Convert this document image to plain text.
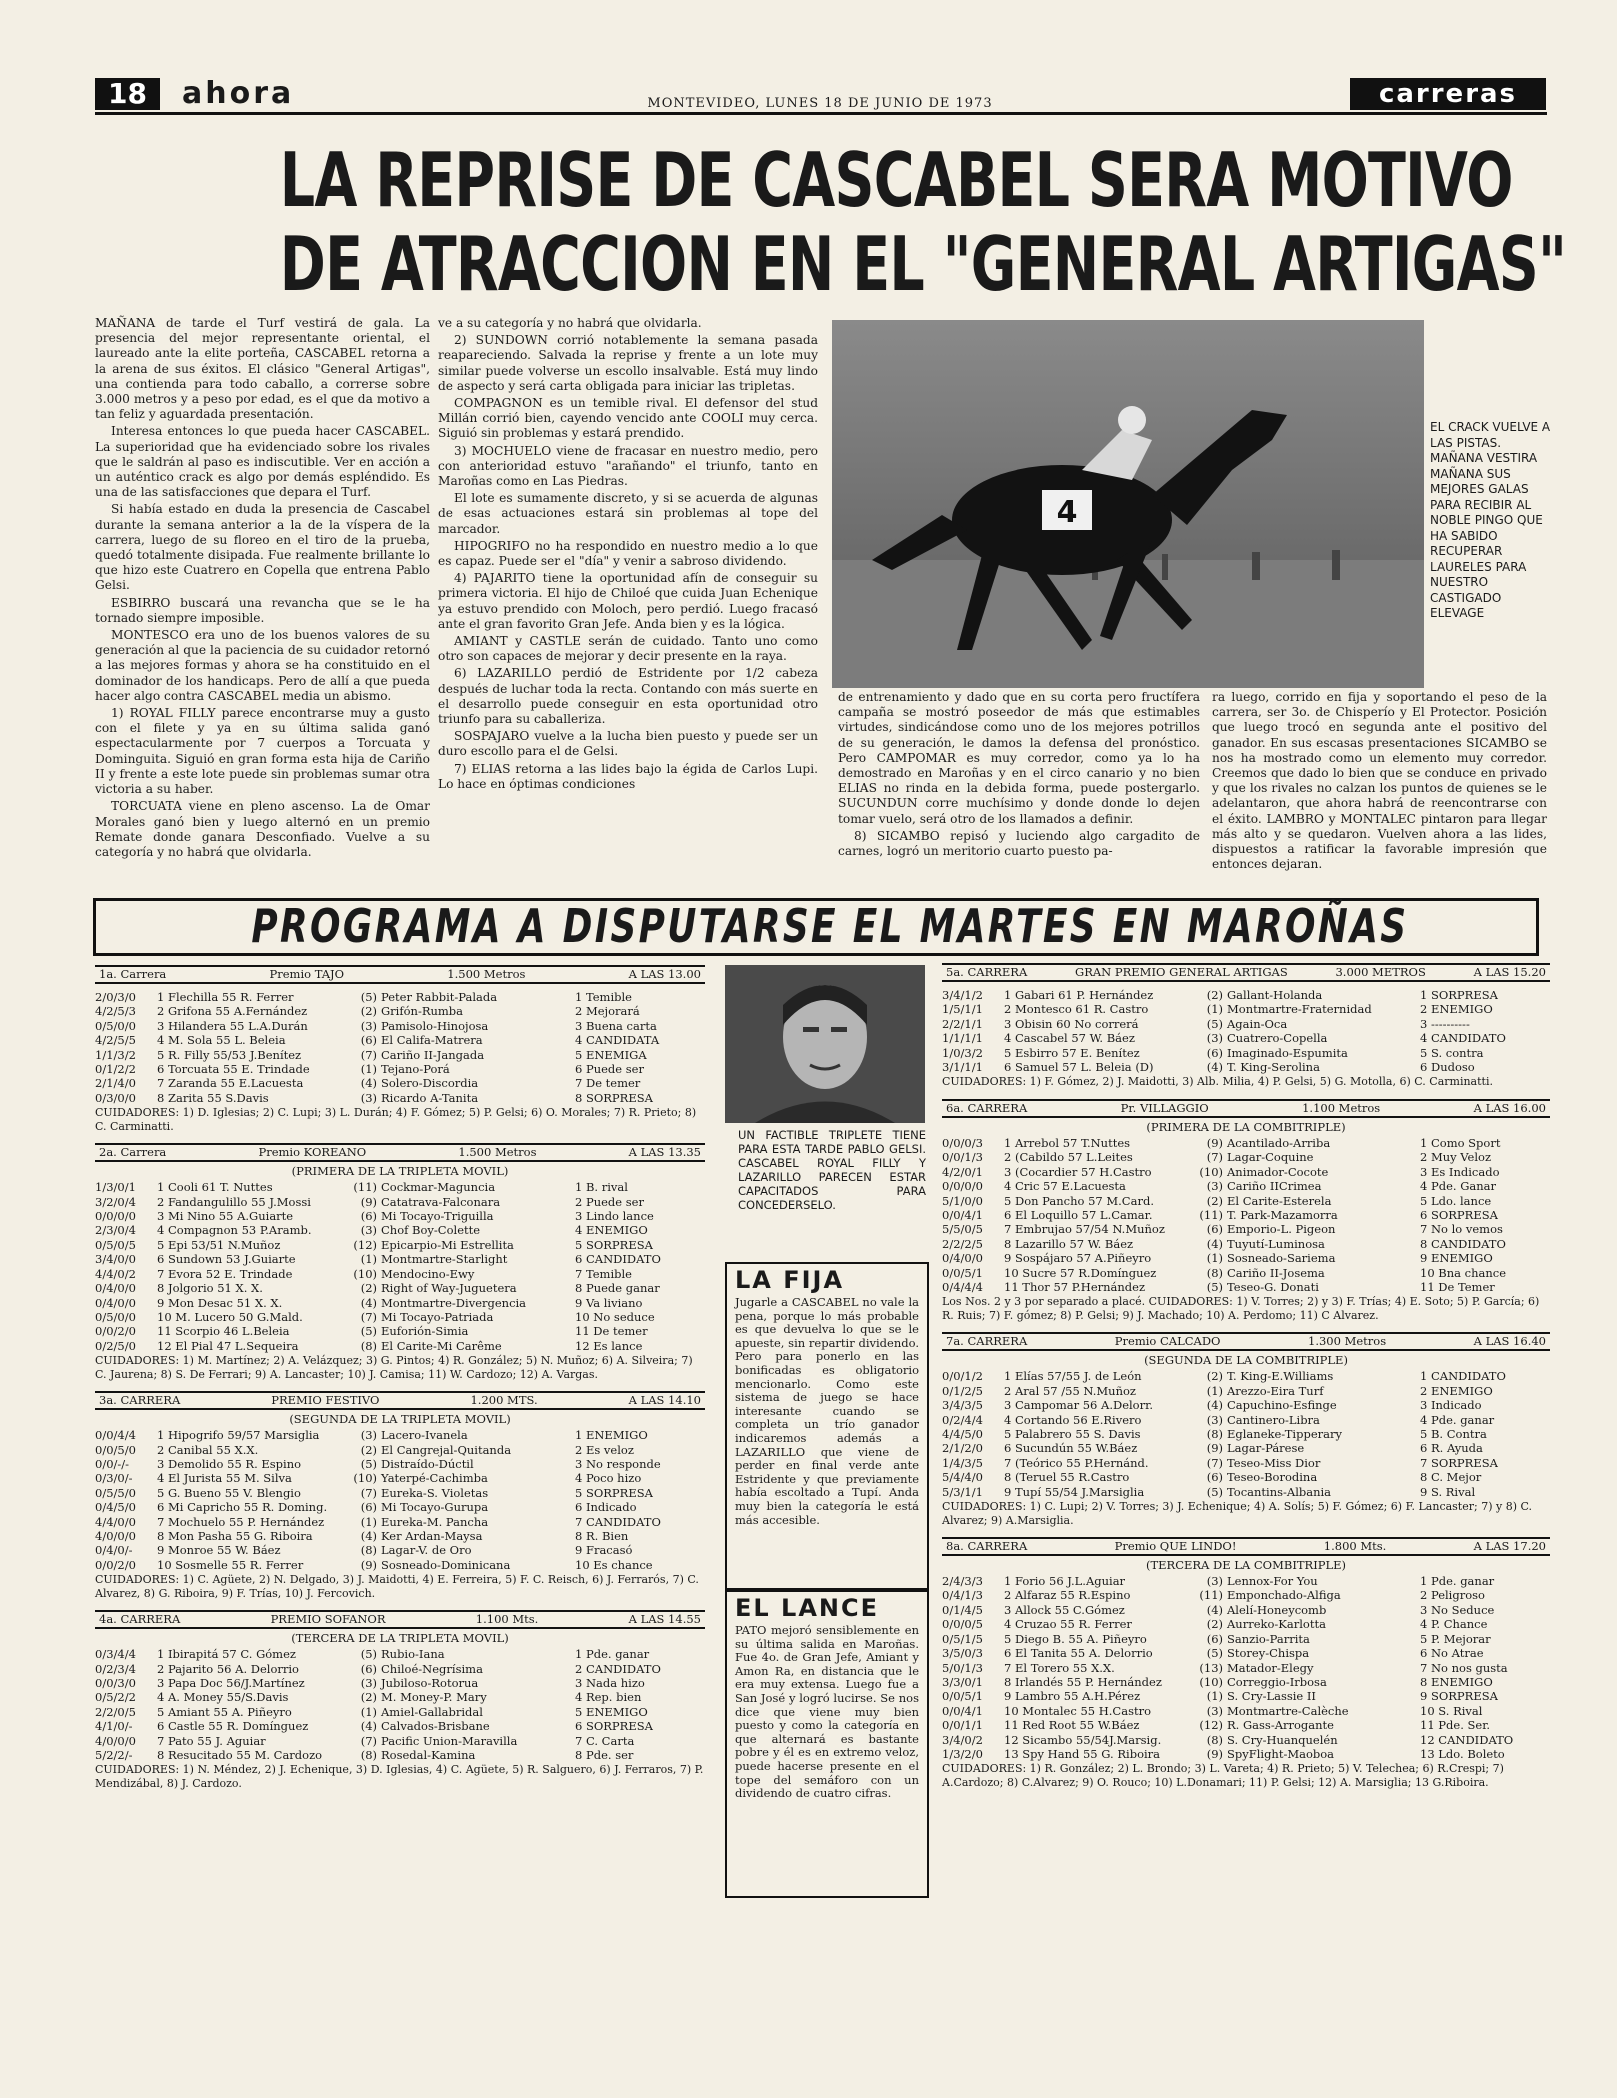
18	ahora	MONTEVIDEO, LUNES 18 DE JUNIO DE 1973	carreras
LA REPRISE DE CASCABEL SERA MOTIVO
DE ATRACCION EN EL "GENERAL ARTIGAS"

MAÑANA de tarde el Turf vestirá de gala. La presencia del mejor representante oriental, el laureado ante la elite porteña, CASCABEL retorna a la arena de sus éxitos. El clásico "General Artigas", una contienda para todo caballo, a correrse sobre 3.000 metros y a peso por edad, es el que da motivo a tan feliz y aguardada presentación.

Interesa entonces lo que pueda hacer CASCABEL. La superioridad que ha evidenciado sobre los rivales que le saldrán al paso es indiscutible. Ver en acción a un auténtico crack es algo por demás espléndido. Es una de las satisfacciones que depara el Turf.

Si había estado en duda la presencia de Cascabel durante la semana anterior a la de la víspera de la carrera, luego de su floreo en el tiro de la prueba, quedó totalmente disipada. Fue realmente brillante lo que hizo este Cuatrero en Copella que entrena Pablo Gelsi.

ESBIRRO buscará una revancha que se le ha tornado siempre imposible.

MONTESCO era uno de los buenos valores de su generación al que la paciencia de su cuidador retornó a las mejores formas y ahora se ha constituido en el dominador de los handicaps. Pero de allí a que pueda hacer algo contra CASCABEL media un abismo.

1) ROYAL FILLY parece encontrarse muy a gusto con el filete y ya en su última salida ganó espectacularmente por 7 cuerpos a Torcuata y Dominguita. Siguió en gran forma esta hija de Cariño II y frente a este lote puede sin problemas sumar otra victoria a su haber.

TORCUATA viene en pleno ascenso. La de Omar Morales ganó bien y luego alternó en un premio Remate donde ganara Desconfiado. Vuelve a su categoría y no habrá que olvidarla.

ve a su categoría y no habrá que olvidarla.

2) SUNDOWN corrió notablemente la semana pasada reapareciendo. Salvada la reprise y frente a un lote muy similar puede volverse un escollo insalvable. Está muy lindo de aspecto y será carta obligada para iniciar las tripletas.

COMPAGNON es un temible rival. El defensor del stud Millán corrió bien, cayendo vencido ante COOLI muy cerca. Siguió sin problemas y estará prendido.

3) MOCHUELO viene de fracasar en nuestro medio, pero con anterioridad estuvo "arañando" el triunfo, tanto en Maroñas como en Las Piedras.

El lote es sumamente discreto, y si se acuerda de algunas de esas actuaciones estará sin problemas al tope del marcador.

HIPOGRIFO no ha respondido en nuestro medio a lo que es capaz. Puede ser el "día" y venir a sabroso dividendo.

4) PAJARITO tiene la oportunidad afín de conseguir su primera victoria. El hijo de Chiloé que cuida Juan Echenique ya estuvo prendido con Moloch, pero perdió. Luego fracasó ante el gran favorito Gran Jefe. Anda bien y es la lógica.

AMIANT y CASTLE serán de cuidado. Tanto uno como otro son capaces de mejorar y decir presente en la raya.

6) LAZARILLO perdió de Estridente por 1/2 cabeza después de luchar toda la recta. Contando con más suerte en el desarrollo puede conseguir en esta oportunidad otro triunfo para su caballeriza.

SOSPAJARO vuelve a la lucha bien puesto y puede ser un duro escollo para el de Gelsi.

7) ELIAS retorna a las lides bajo la égida de Carlos Lupi. Lo hace en óptimas condiciones

de entrenamiento y dado que en su corta pero fructífera campaña se mostró poseedor de más que estimables virtudes, sindicándose como uno de los mejores potrillos de su generación, le damos la defensa del pronóstico. Pero CAMPOMAR es muy corredor, como ya lo ha demostrado en Maroñas y en el circo canario y no bien ELIAS no rinda en la debida forma, puede postergarlo. SUCUNDUN corre muchísimo y donde donde lo dejen tomar vuelo, será otro de los llamados a definir.

8) SICAMBO repisó y luciendo algo cargadito de carnes, logró un meritorio cuarto puesto pa-

ra luego, corrido en fija y soportando el peso de la carrera, ser 3o. de Chisperío y El Protector. Posición que luego trocó en segunda ante el positivo del ganador. En sus escasas presentaciones SICAMBO se nos ha mostrado como un elemento muy corredor. Creemos que dado lo bien que se conduce en privado y que los rivales no calzan los puntos de quienes se le adelantaron, que ahora habrá de reencontrarse con el éxito. LAMBRO y MONTALEC pintaron para llegar más alto y se quedaron. Vuelven ahora a las lides, dispuestos a ratificar la favorable impresión que entonces dejaran.

4
EL CRACK VUELVE A LAS PISTAS. MAÑANA VESTIRA MAÑANA SUS MEJORES GALAS PARA RECIBIR AL NOBLE PINGO QUE HA SABIDO RECUPERAR LAURELES PARA NUESTRO CASTIGADO ELEVAGE
PROGRAMA A DISPUTARSE EL MARTES EN MAROÑAS
1a. Carrera	Premio TAJO	1.500 Metros	A LAS 13.00
2/0/3/0	1 Flechilla 55 R. Ferrer	(5) Peter Rabbit-Palada	1 Temible
4/2/5/3	2 Grifona 55 A.Fernández	(2) Grifón-Rumba	2 Mejorará
0/5/0/0	3 Hilandera 55 L.A.Durán	(3) Pamisolo-Hinojosa	3 Buena carta
4/2/5/5	4 M. Sola 55 L. Beleia	(6) El Califa-Matrera	4 CANDIDATA
1/1/3/2	5 R. Filly 55/53 J.Benítez	(7) Cariño II-Jangada	5 ENEMIGA
0/1/2/2	6 Torcuata 55 E. Trindade	(1) Tejano-Porá	6 Puede ser
2/1/4/0	7 Zaranda 55 E.Lacuesta	(4) Solero-Discordia	7 De temer
0/3/0/0	8 Zarita 55 S.Davis	(3) Ricardo A-Tanita	8 SORPRESA
CUIDADORES: 1) D. Iglesias; 2) C. Lupi; 3) L. Durán; 4) F. Gómez; 5) P. Gelsi; 6) O. Morales; 7) R. Prieto; 8) C. Carminatti.
2a. Carrera	Premio KOREANO	1.500 Metros	A LAS 13.35
(PRIMERA DE LA TRIPLETA MOVIL)
1/3/0/1	1 Cooli 61 T. Nuttes	(11) Cockmar-Maguncia	1 B. rival
3/2/0/4	2 Fandangulillo 55 J.Mossi	(9) Catatrava-Falconara	2 Puede ser
0/0/0/0	3 Mi Nino 55 A.Guiarte	(6) Mi Tocayo-Triguilla	3 Lindo lance
2/3/0/4	4 Compagnon 53 P.Aramb.	(3) Chof Boy-Colette	4 ENEMIGO
0/5/0/5	5 Epi 53/51 N.Muñoz	(12) Epicarpio-Mi Estrellita	5 SORPRESA
3/4/0/0	6 Sundown 53 J.Guiarte	(1) Montmartre-Starlight	6 CANDIDATO
4/4/0/2	7 Evora 52 E. Trindade	(10) Mendocino-Ewy	7 Temible
0/4/0/0	8 Jolgorio 51 X. X.	(2) Right of Way-Juguetera	8 Puede ganar
0/4/0/0	9 Mon Desac 51 X. X.	(4) Montmartre-Divergencia	9 Va liviano
0/5/0/0	10 M. Lucero 50 G.Mald.	(7) Mi Tocayo-Patriada	10 No seduce
0/0/2/0	11 Scorpio 46 L.Beleia	(5) Euforión-Simia	11 De temer
0/2/5/0	12 El Pial 47 L.Sequeira	(8) El Carite-Mi Carême	12 Es lance
CUIDADORES: 1) M. Martínez; 2) A. Velázquez; 3) G. Pintos; 4) R. González; 5) N. Muñoz; 6) A. Silveira; 7) C. Jaurena; 8) S. De Ferrari; 9) A. Lancaster; 10) J. Camisa; 11) W. Cardozo; 12) A. Vargas.
3a. CARRERA	PREMIO FESTIVO	1.200 MTS.	A LAS 14.10
(SEGUNDA DE LA TRIPLETA MOVIL)
0/0/4/4	1 Hipogrifo 59/57 Marsiglia	(3) Lacero-Ivanela	1 ENEMIGO
0/0/5/0	2 Canibal 55 X.X.	(2) El Cangrejal-Quitanda	2 Es veloz
0/0/-/-	3 Demolido 55 R. Espino	(5) Distraído-Dúctil	3 No responde
0/3/0/-	4 El Jurista 55 M. Silva	(10) Yaterpé-Cachimba	4 Poco hizo
0/5/5/0	5 G. Bueno 55 V. Blengio	(7) Eureka-S. Violetas	5 SORPRESA
0/4/5/0	6 Mi Capricho 55 R. Doming.	(6) Mi Tocayo-Gurupa	6 Indicado
4/4/0/0	7 Mochuelo 55 P. Hernández	(1) Eureka-M. Pancha	7 CANDIDATO
4/0/0/0	8 Mon Pasha 55 G. Riboira	(4) Ker Ardan-Maysa	8 R. Bien
0/4/0/-	9 Monroe 55 W. Báez	(8) Lagar-V. de Oro	9 Fracasó
0/0/2/0	10 Sosmelle 55 R. Ferrer	(9) Sosneado-Dominicana	10 Es chance
CUIDADORES: 1) C. Agüete, 2) N. Delgado, 3) J. Maidotti, 4) E. Ferreira, 5) F. C. Reisch, 6) J. Ferrarós, 7) C. Alvarez, 8) G. Riboira, 9) F. Trías, 10) J. Fercovich.
4a. CARRERA	PREMIO SOFANOR	1.100 Mts.	A LAS 14.55
(TERCERA DE LA TRIPLETA MOVIL)
0/3/4/4	1 Ibirapitá 57 C. Gómez	(5) Rubio-Iana	1 Pde. ganar
0/2/3/4	2 Pajarito 56 A. Delorrio	(6) Chiloé-Negrísima	2 CANDIDATO
0/0/3/0	3 Papa Doc 56/J.Martínez	(3) Jubiloso-Rotorua	3 Nada hizo
0/5/2/2	4 A. Money 55/S.Davis	(2) M. Money-P. Mary	4 Rep. bien
2/2/0/5	5 Amiant 55 A. Piñeyro	(1) Amiel-Gallabridal	5 ENEMIGO
4/1/0/-	6 Castle 55 R. Domínguez	(4) Calvados-Brisbane	6 SORPRESA
4/0/0/0	7 Pato 55 J. Aguiar	(7) Pacific Union-Maravilla	7 C. Carta
5/2/2/-	8 Resucitado 55 M. Cardozo	(8) Rosedal-Kamina	8 Pde. ser
CUIDADORES: 1) N. Méndez, 2) J. Echenique, 3) D. Iglesias, 4) C. Agüete, 5) R. Salguero, 6) J. Ferraros, 7) P. Mendizábal, 8) J. Cardozo.
5a. CARRERA	GRAN PREMIO GENERAL ARTIGAS	3.000 METROS	A LAS 15.20
3/4/1/2	1 Gabari 61 P. Hernández	(2) Gallant-Holanda	1 SORPRESA
1/5/1/1	2 Montesco 61 R. Castro	(1) Montmartre-Fraternidad	2 ENEMIGO
2/2/1/1	3 Obisin 60 No correrá	(5) Again-Oca	3 ----------
1/1/1/1	4 Cascabel 57 W. Báez	(3) Cuatrero-Copella	4 CANDIDATO
1/0/3/2	5 Esbirro 57 E. Benítez	(6) Imaginado-Espumita	5 S. contra
3/1/1/1	6 Samuel 57 L. Beleia (D)	(4) T. King-Serolina	6 Dudoso
CUIDADORES: 1) F. Gómez, 2) J. Maidotti, 3) Alb. Milia, 4) P. Gelsi, 5) G. Motolla, 6) C. Carminatti.
6a. CARRERA	Pr. VILLAGGIO	1.100 Metros	A LAS 16.00
(PRIMERA DE LA COMBITRIPLE)
0/0/0/3	1 Arrebol 57 T.Nuttes	(9) Acantilado-Arriba	1 Como Sport
0/0/1/3	2 (Cabildo 57 L.Leites	(7) Lagar-Coquine	2 Muy Veloz
4/2/0/1	3 (Cocardier 57 H.Castro	(10) Animador-Cocote	3 Es Indicado
0/0/0/0	4 Cric 57 E.Lacuesta	(3) Cariño IICrimea	4 Pde. Ganar
5/1/0/0	5 Don Pancho 57 M.Card.	(2) El Carite-Esterela	5 Ldo. lance
0/0/4/1	6 El Loquillo 57 L.Camar.	(11) T. Park-Mazamorra	6 SORPRESA
5/5/0/5	7 Embrujao 57/54 N.Muñoz	(6) Emporio-L. Pigeon	7 No lo vemos
2/2/2/5	8 Lazarillo 57 W. Báez	(4) Tuyutí-Luminosa	8 CANDIDATO
0/4/0/0	9 Sospájaro 57 A.Piñeyro	(1) Sosneado-Sariema	9 ENEMIGO
0/0/5/1	10 Sucre 57 R.Domínguez	(8) Cariño II-Josema	10 Bna chance
0/4/4/4	11 Thor 57 P.Hernández	(5) Teseo-G. Donati	11 De Temer
Los Nos. 2 y 3 por separado a placé. CUIDADORES: 1) V. Torres; 2) y 3) F. Trías; 4) E. Soto; 5) P. García; 6) R. Ruis; 7) F. gómez; 8) P. Gelsi; 9) J. Machado; 10) A. Perdomo; 11) C Alvarez.
7a. CARRERA	Premio CALCADO	1.300 Metros	A LAS 16.40
(SEGUNDA DE LA COMBITRIPLE)
0/0/1/2	1 Elías 57/55 J. de León	(2) T. King-E.Williams	1 CANDIDATO
0/1/2/5	2 Aral 57 /55 N.Muñoz	(1) Arezzo-Eira Turf	2 ENEMIGO
3/4/3/5	3 Campomar 56 A.Delorr.	(4) Capuchino-Esfinge	3 Indicado
0/2/4/4	4 Cortando 56 E.Rivero	(3) Cantinero-Libra	4 Pde. ganar
4/4/5/0	5 Palabrero 55 S. Davis	(8) Eglaneke-Tipperary	5 B. Contra
2/1/2/0	6 Sucundún 55 W.Báez	(9) Lagar-Párese	6 R. Ayuda
1/4/3/5	7 (Teórico 55 P.Hernánd.	(7) Teseo-Miss Dior	7 SORPRESA
5/4/4/0	8 (Teruel 55 R.Castro	(6) Teseo-Borodina	8 C. Mejor
5/3/1/1	9 Tupí 55/54 J.Marsiglia	(5) Tocantins-Albania	9 S. Rival
CUIDADORES: 1) C. Lupi; 2) V. Torres; 3) J. Echenique; 4) A. Solís; 5) F. Gómez; 6) F. Lancaster; 7) y 8) C. Alvarez; 9) A.Marsiglia.
8a. CARRERA	Premio QUE LINDO!	1.800 Mts.	A LAS 17.20
(TERCERA DE LA COMBITRIPLE)
2/4/3/3	1 Forio 56 J.L.Aguiar	(3) Lennox-For You	1 Pde. ganar
0/4/1/3	2 Alfaraz 55 R.Espino	(11) Emponchado-Alfiga	2 Peligroso
0/1/4/5	3 Allock 55 C.Gómez	(4) Alelí-Honeycomb	3 No Seduce
0/0/0/5	4 Cruzao 55 R. Ferrer	(2) Aurreko-Karlotta	4 P. Chance
0/5/1/5	5 Diego B. 55 A. Piñeyro	(6) Sanzio-Parrita	5 P. Mejorar
3/5/0/3	6 El Tanita 55 A. Delorrio	(5) Storey-Chispa	6 No Atrae
5/0/1/3	7 El Torero 55 X.X.	(13) Matador-Elegy	7 No nos gusta
3/3/0/1	8 Irlandés 55 P. Hernández	(10) Correggio-Irbosa	8 ENEMIGO
0/0/5/1	9 Lambro 55 A.H.Pérez	(1) S. Cry-Lassie II	9 SORPRESA
0/0/4/1	10 Montalec 55 H.Castro	(3) Montmartre-Calèche	10 S. Rival
0/0/1/1	11 Red Root 55 W.Báez	(12) R. Gass-Arrogante	11 Pde. Ser.
3/4/0/2	12 Sicambo 55/54J.Marsig.	(8) S. Cry-Huanquelén	12 CANDIDATO
1/3/2/0	13 Spy Hand 55 G. Riboira	(9) SpyFlight-Maoboa	13 Ldo. Boleto
CUIDADORES: 1) R. González; 2) L. Brondo; 3) L. Vareta; 4) R. Prieto; 5) V. Telechea; 6) R.Crespi; 7) A.Cardozo; 8) C.Alvarez; 9) O. Rouco; 10) L.Donamari; 11) P. Gelsi; 12) A. Marsiglia; 13 G.Riboira.
UN FACTIBLE TRIPLETE TIENE PARA ESTA TARDE PABLO GELSI. CASCABEL ROYAL FILLY Y LAZARILLO PARECEN ESTAR CAPACITADOS PARA CONCEDERSELO.
LA FIJA
Jugarle a CASCABEL no vale la pena, porque lo más probable es que devuelva lo que se le apueste, sin repartir dividendo. Pero para ponerlo en las bonificadas es obligatorio mencionarlo. Como este sistema de juego se hace interesante cuando se completa un trío ganador indicaremos además a LAZARILLO que viene de perder en final verde ante Estridente y que previamente había escoltado a Tupí. Anda muy bien la categoría le está más accesible.
EL LANCE
PATO mejoró sensiblemente en su última salida en Maroñas. Fue 4o. de Gran Jefe, Amiant y Amon Ra, en distancia que le era muy extensa. Luego fue a San José y logró lucirse. Se nos dice que viene muy bien puesto y como la categoría en que alternará es bastante pobre y él es en extremo veloz, puede hacerse presente en el tope del semáforo con un dividendo de cuatro cifras.
